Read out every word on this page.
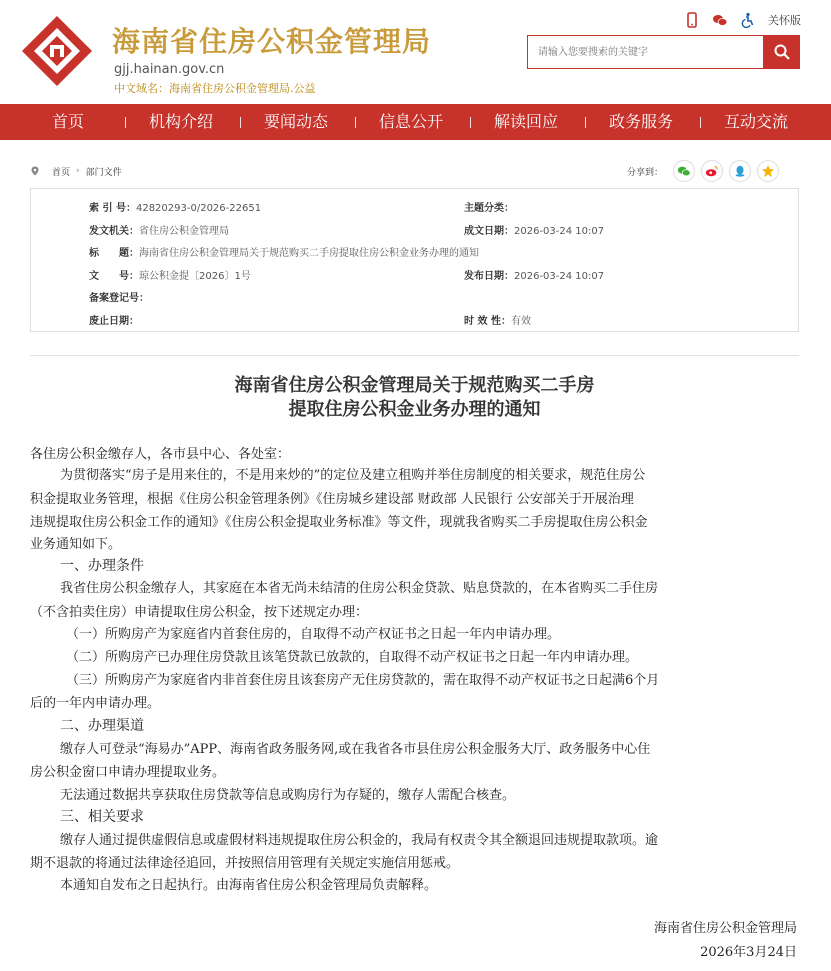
海南省住房公积金管理局
gjj.hainan.gov.cn
中文域名：海南省住房公积金管理局.公益
关怀版
请输入您要搜索的关键字
首页	机构介绍	要闻动态	信息公开	解读回应	政务服务	互动交流
首页 › 部门文件	分享到：
索 引 号：42820293-0/2026-22651	主题分类：
发文机关：省住房公积金管理局	成文日期：2026-03-24 10:07
标　　题：海南省住房公积金管理局关于规范购买二手房提取住房公积金业务办理的通知
文　　号：琼公积金提〔2026〕1号	发布日期：2026-03-24 10:07
备案登记号：
废止日期：	时 效 性：有效
海南省住房公积金管理局关于规范购买二手房
提取住房公积金业务办理的通知
各住房公积金缴存人，各市县中心、各处室：
为贯彻落实“房子是用来住的，不是用来炒的”的定位及建立租购并举住房制度的相关要求，规范住房公
积金提取业务管理，根据《住房公积金管理条例》《住房城乡建设部 财政部 人民银行 公安部关于开展治理
违规提取住房公积金工作的通知》《住房公积金提取业务标准》等文件，现就我省购买二手房提取住房公积金
业务通知如下。
一、办理条件
我省住房公积金缴存人，其家庭在本省无尚未结清的住房公积金贷款、贴息贷款的，在本省购买二手住房
（不含拍卖住房）申请提取住房公积金，按下述规定办理：
（一）所购房产为家庭省内首套住房的，自取得不动产权证书之日起一年内申请办理。
（二）所购房产已办理住房贷款且该笔贷款已放款的，自取得不动产权证书之日起一年内申请办理。
（三）所购房产为家庭省内非首套住房且该套房产无住房贷款的，需在取得不动产权证书之日起满6个月
后的一年内申请办理。
二、办理渠道
缴存人可登录“海易办”APP、海南省政务服务网,或在我省各市县住房公积金服务大厅、政务服务中心住
房公积金窗口申请办理提取业务。
无法通过数据共享获取住房贷款等信息或购房行为存疑的，缴存人需配合核查。
三、相关要求
缴存人通过提供虚假信息或虚假材料违规提取住房公积金的，我局有权责令其全额退回违规提取款项。逾
期不退款的将通过法律途径追回，并按照信用管理有关规定实施信用惩戒。
本通知自发布之日起执行。由海南省住房公积金管理局负责解释。
海南省住房公积金管理局
2026年3月24日
